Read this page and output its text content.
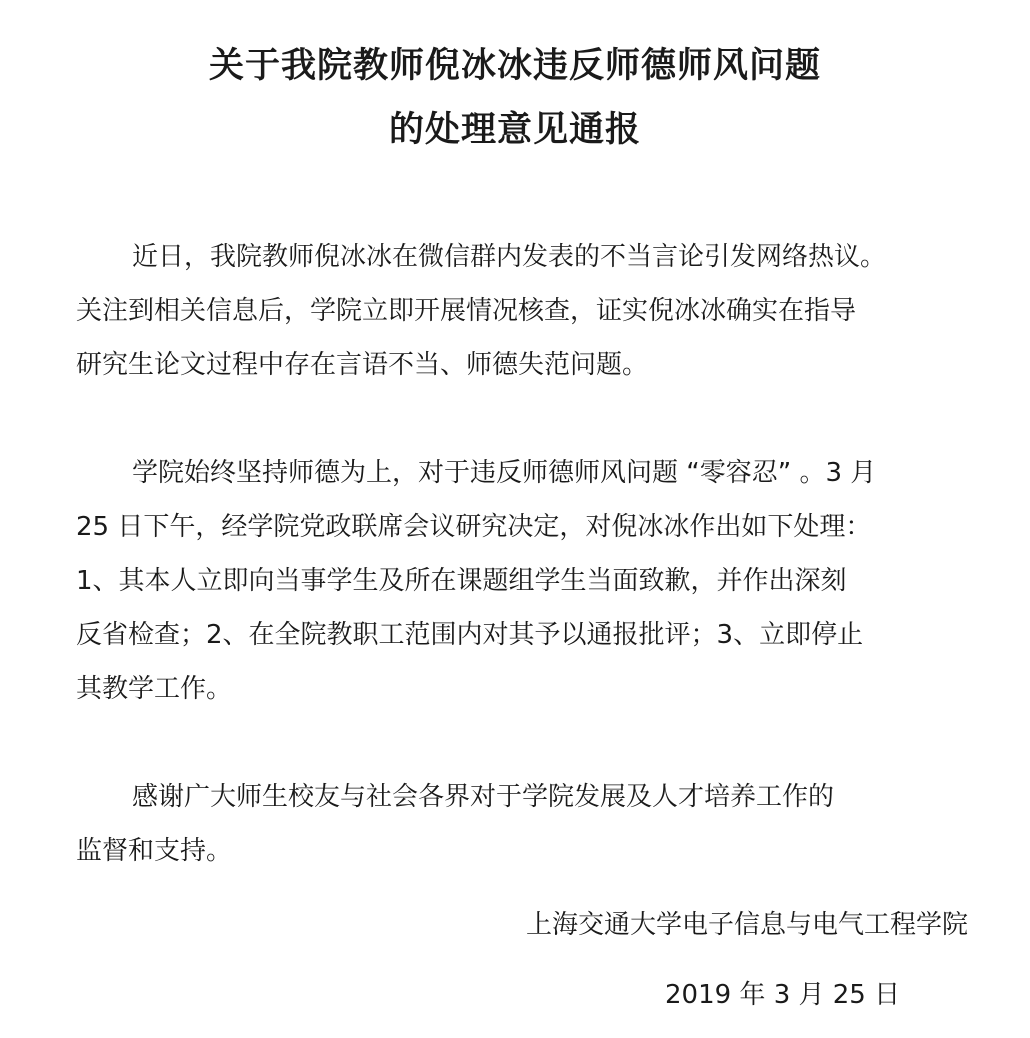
关于我院教师倪冰冰违反师德师风问题
的处理意见通报

近日，我院教师倪冰冰在微信群内发表的不当言论引发网络热议。
关注到相关信息后，学院立即开展情况核查，证实倪冰冰确实在指导
研究生论文过程中存在言语不当、师德失范问题。

学院始终坚持师德为上，对于违反师德师风问题 “零容忍” 。3 月
25 日下午，经学院党政联席会议研究决定，对倪冰冰作出如下处理：
1、其本人立即向当事学生及所在课题组学生当面致歉，并作出深刻
反省检查；2、在全院教职工范围内对其予以通报批评；3、立即停止
其教学工作。

感谢广大师生校友与社会各界对于学院发展及人才培养工作的
监督和支持。

上海交通大学电子信息与电气工程学院

2019 年 3 月 25 日
